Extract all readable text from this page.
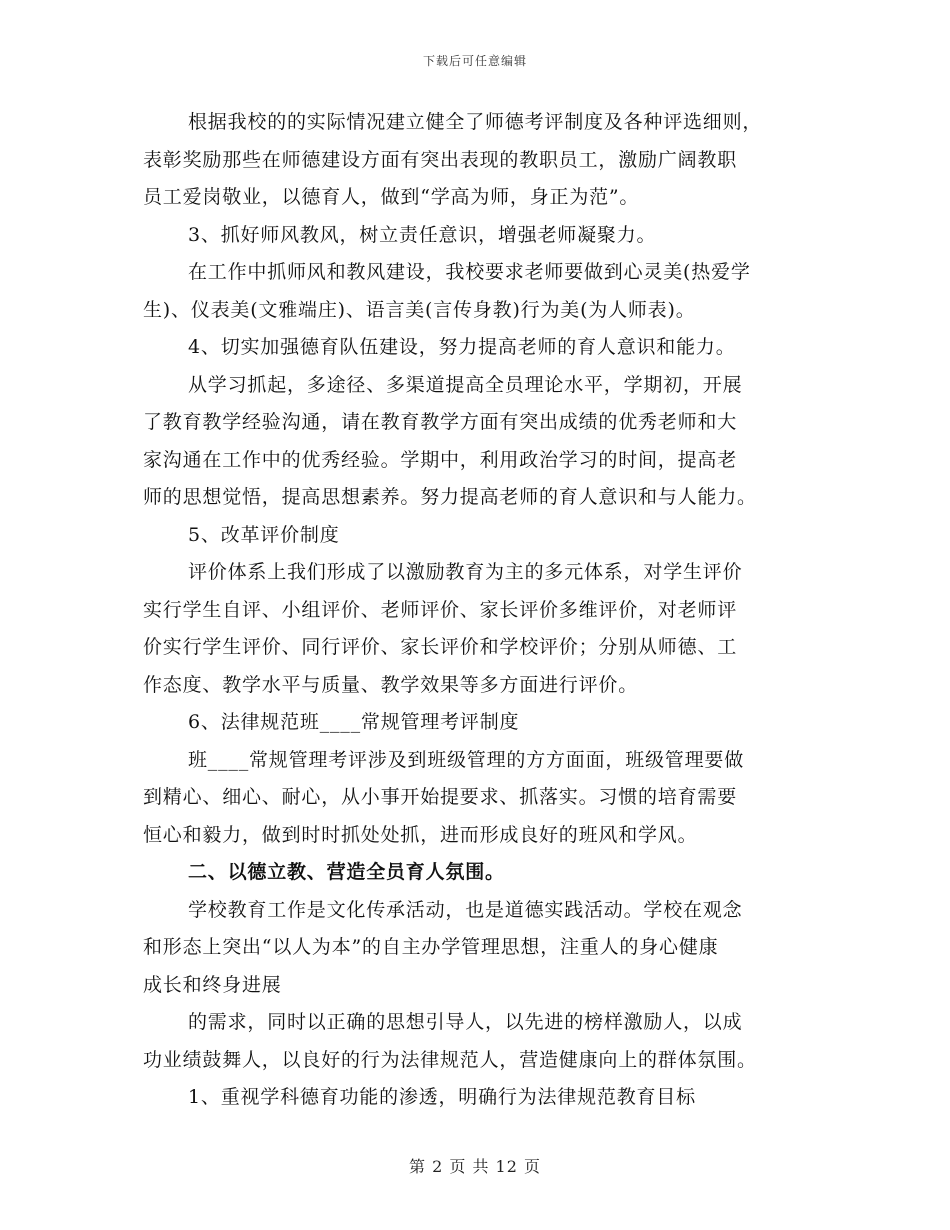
下载后可任意编辑
根据我校的的实际情况建立健全了师德考评制度及各种评选细则，
表彰奖励那些在师德建设方面有突出表现的教职员工，激励广阔教职
员工爱岗敬业，以德育人，做到“学高为师，身正为范”。
3、抓好师风教风，树立责任意识，增强老师凝聚力。
在工作中抓师风和教风建设，我校要求老师要做到心灵美(热爱学
生)、仪表美(文雅端庄)、语言美(言传身教)行为美(为人师表)。
4、切实加强德育队伍建设，努力提高老师的育人意识和能力。
从学习抓起，多途径、多渠道提高全员理论水平，学期初，开展
了教育教学经验沟通，请在教育教学方面有突出成绩的优秀老师和大
家沟通在工作中的优秀经验。学期中，利用政治学习的时间，提高老
师的思想觉悟，提高思想素养。努力提高老师的育人意识和与人能力。
5、改革评价制度
评价体系上我们形成了以激励教育为主的多元体系，对学生评价
实行学生自评、小组评价、老师评价、家长评价多维评价，对老师评
价实行学生评价、同行评价、家长评价和学校评价；分别从师德、工
作态度、教学水平与质量、教学效果等多方面进行评价。
6、法律规范班____常规管理考评制度
班____常规管理考评涉及到班级管理的方方面面，班级管理要做
到精心、细心、耐心，从小事开始提要求、抓落实。习惯的培育需要
恒心和毅力，做到时时抓处处抓，进而形成良好的班风和学风。
二、以德立教、营造全员育人氛围。
学校教育工作是文化传承活动，也是道德实践活动。学校在观念
和形态上突出“以人为本”的自主办学管理思想，注重人的身心健康
成长和终身进展
的需求，同时以正确的思想引导人，以先进的榜样激励人，以成
功业绩鼓舞人，以良好的行为法律规范人，营造健康向上的群体氛围。
1、重视学科德育功能的渗透，明确行为法律规范教育目标
第 2 页 共 12 页
